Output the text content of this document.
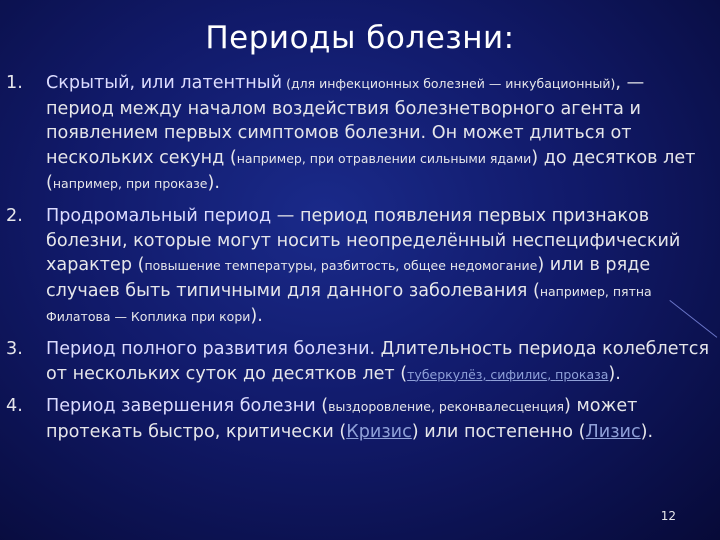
Периоды болезни:
1. Скрытый, или латентный (для инфекционных болезней — инкубационный), — период между началом воздействия болезнетворного агента и появлением первых симптомов болезни. Он может длиться от нескольких секунд (например, при отравлении сильными ядами) до десятков лет (например, при проказе).
2. Продромальный период — период появления первых признаков болезни, которые могут носить неопределённый неспецифический характер (повышение температуры, разбитость, общее недомогание) или в ряде случаев быть типичными для данного заболевания (например, пятна Филатова — Коплика при кори).
3. Период полного развития болезни. Длительность периода колеблется от нескольких суток до десятков лет (туберкулёз, сифилис, проказа).
4. Период завершения болезни (выздоровление, реконвалесценция) может протекать быстро, критически (Кризис) или постепенно (Лизис).
12
